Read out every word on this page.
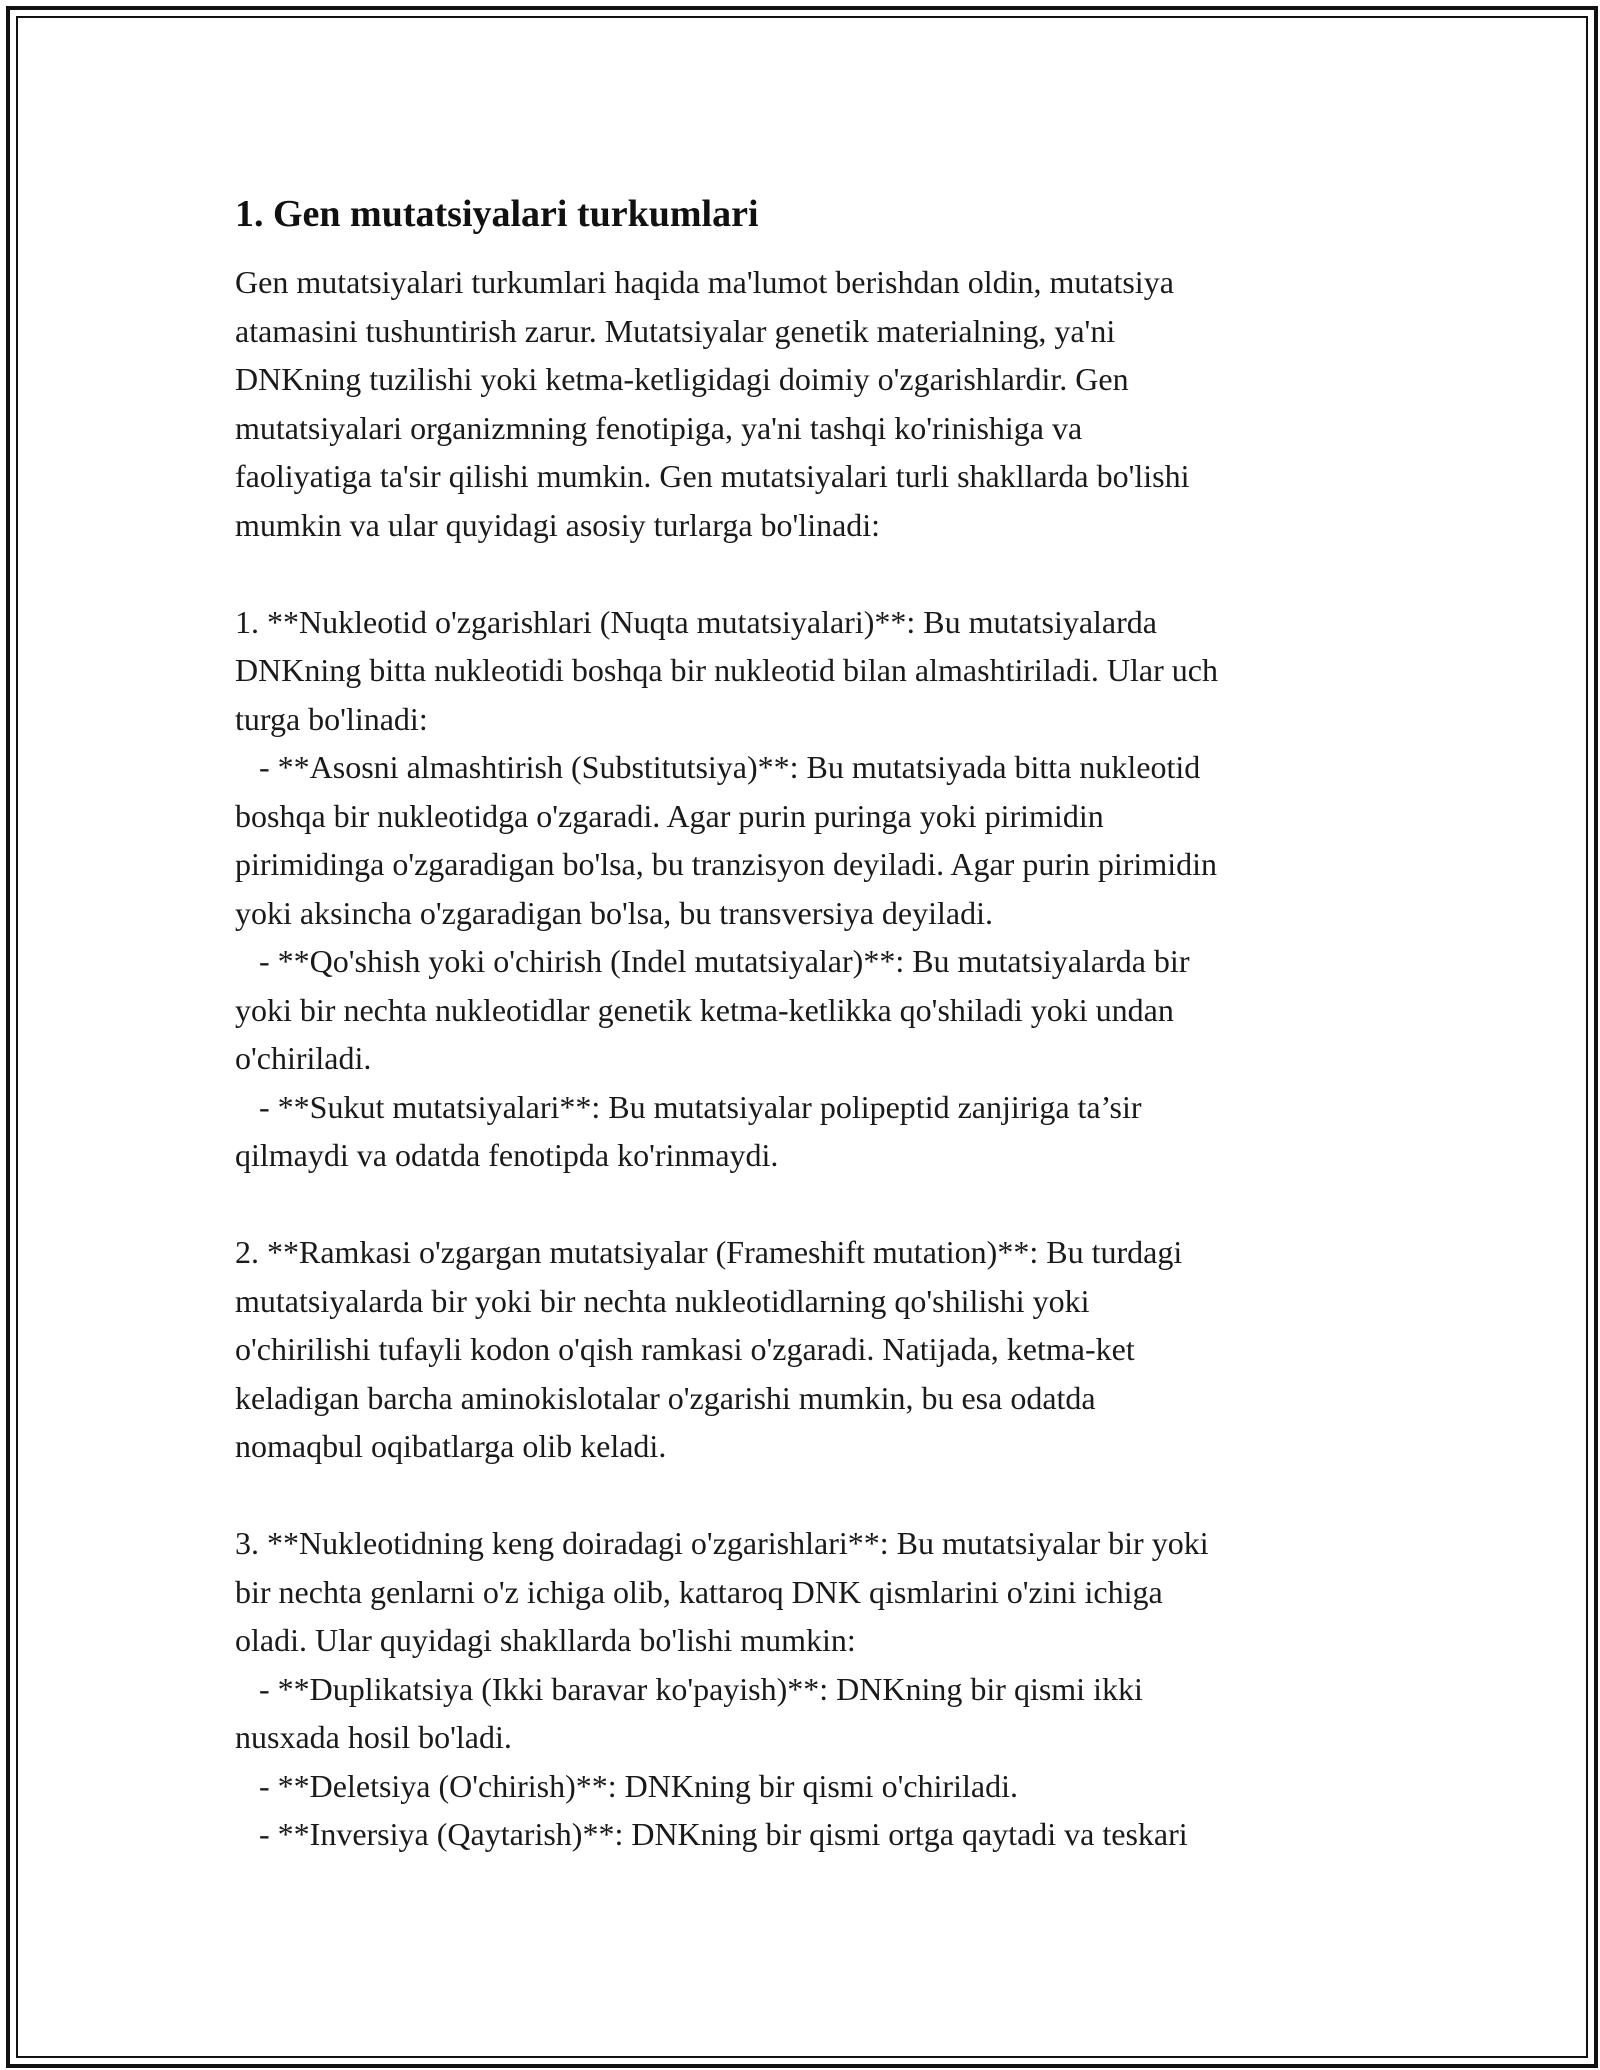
1. Gen mutatsiyalari turkumlari
Gen mutatsiyalari turkumlari haqida ma'lumot berishdan oldin, mutatsiya
atamasini tushuntirish zarur. Mutatsiyalar genetik materialning, ya'ni
DNKning tuzilishi yoki ketma-ketligidagi doimiy o'zgarishlardir. Gen
mutatsiyalari organizmning fenotipiga, ya'ni tashqi ko'rinishiga va
faoliyatiga ta'sir qilishi mumkin. Gen mutatsiyalari turli shakllarda bo'lishi
mumkin va ular quyidagi asosiy turlarga bo'linadi:
1. **Nukleotid o'zgarishlari (Nuqta mutatsiyalari)**: Bu mutatsiyalarda
DNKning bitta nukleotidi boshqa bir nukleotid bilan almashtiriladi. Ular uch
turga bo'linadi:
- **Asosni almashtirish (Substitutsiya)**: Bu mutatsiyada bitta nukleotid
boshqa bir nukleotidga o'zgaradi. Agar purin puringa yoki pirimidin
pirimidinga o'zgaradigan bo'lsa, bu tranzisyon deyiladi. Agar purin pirimidin
yoki aksincha o'zgaradigan bo'lsa, bu transversiya deyiladi.
- **Qo'shish yoki o'chirish (Indel mutatsiyalar)**: Bu mutatsiyalarda bir
yoki bir nechta nukleotidlar genetik ketma-ketlikka qo'shiladi yoki undan
o'chiriladi.
- **Sukut mutatsiyalari**: Bu mutatsiyalar polipeptid zanjiriga ta’sir
qilmaydi va odatda fenotipda ko'rinmaydi.
2. **Ramkasi o'zgargan mutatsiyalar (Frameshift mutation)**: Bu turdagi
mutatsiyalarda bir yoki bir nechta nukleotidlarning qo'shilishi yoki
o'chirilishi tufayli kodon o'qish ramkasi o'zgaradi. Natijada, ketma-ket
keladigan barcha aminokislotalar o'zgarishi mumkin, bu esa odatda
nomaqbul oqibatlarga olib keladi.
3. **Nukleotidning keng doiradagi o'zgarishlari**: Bu mutatsiyalar bir yoki
bir nechta genlarni o'z ichiga olib, kattaroq DNK qismlarini o'zini ichiga
oladi. Ular quyidagi shakllarda bo'lishi mumkin:
- **Duplikatsiya (Ikki baravar ko'payish)**: DNKning bir qismi ikki
nusxada hosil bo'ladi.
- **Deletsiya (O'chirish)**: DNKning bir qismi o'chiriladi.
- **Inversiya (Qaytarish)**: DNKning bir qismi ortga qaytadi va teskari
